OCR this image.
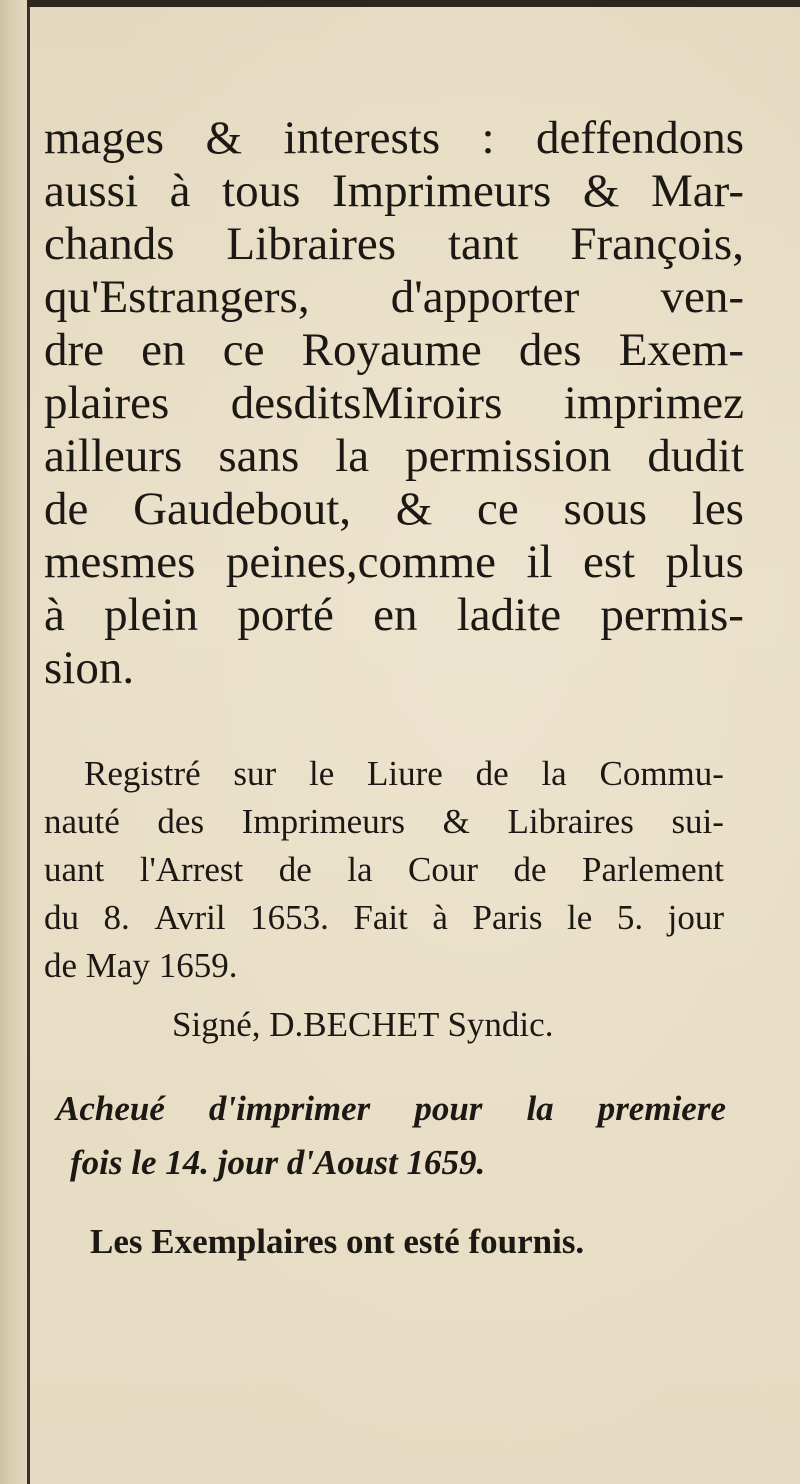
mages & interests : deffendons
aussi à tous Imprimeurs & Mar-
chands Libraires tant François,
qu'Estrangers, d'apporter ven-
dre en ce Royaume des Exem-
plaires desditsMiroirs imprimez
ailleurs sans la permission dudit
de Gaudebout, & ce sous les
mesmes peines,comme il est plus
à plein porté en ladite permis-
sion.
Registré sur le Liure de la Commu-
nauté des Imprimeurs & Libraires sui-
uant l'Arrest de la Cour de Parlement
du 8. Avril 1653. Fait à Paris le 5. jour
de May 1659.
Signé, D.BECHET Syndic.
Acheué d'imprimer pour la premiere
fois le 14. jour d'Aoust 1659.
Les Exemplaires ont esté fournis.
